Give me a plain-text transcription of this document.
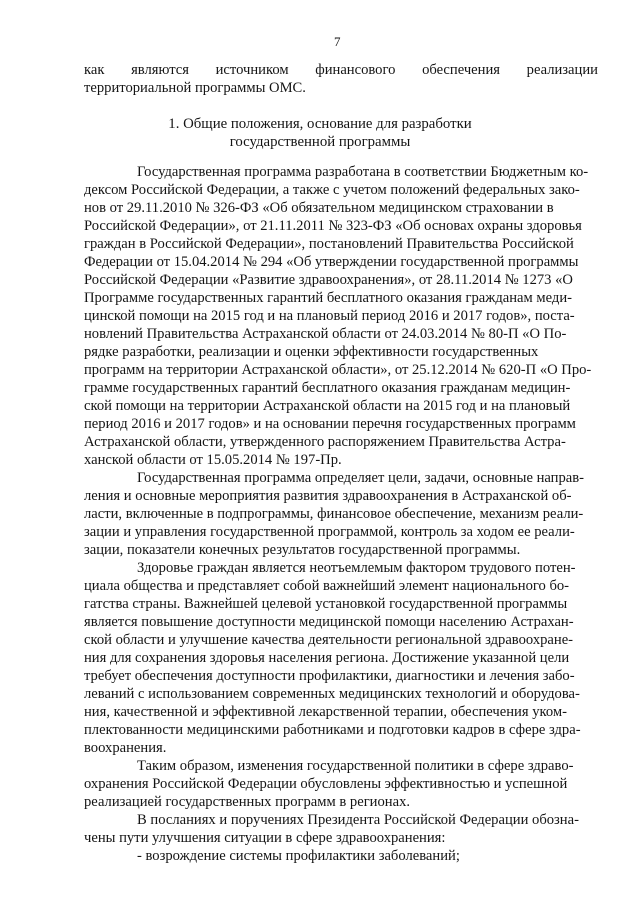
7
как являются источником финансового обеспечения реализации
территориальной программы ОМС.
1. Общие положения, основание для разработки
государственной программы
Государственная программа разработана в соответствии Бюджетным ко-
дексом Российской Федерации, а также с учетом положений федеральных зако-
нов от 29.11.2010 № 326-ФЗ «Об обязательном медицинском страховании в
Российской Федерации», от 21.11.2011 № 323-ФЗ «Об основах охраны здоровья
граждан в Российской Федерации», постановлений Правительства Российской
Федерации от 15.04.2014 № 294 «Об утверждении государственной программы
Российской Федерации «Развитие здравоохранения», от 28.11.2014 № 1273 «О
Программе государственных гарантий бесплатного оказания гражданам меди-
цинской помощи на 2015 год и на плановый период 2016 и 2017 годов», поста-
новлений Правительства Астраханской области от 24.03.2014 № 80-П «О По-
рядке разработки, реализации и оценки эффективности государственных
программ на территории Астраханской области», от 25.12.2014 № 620-П «О Про-
грамме государственных гарантий бесплатного оказания гражданам медицин-
ской помощи на территории Астраханской области на 2015 год и на плановый
период 2016 и 2017 годов» и на основании перечня государственных программ
Астраханской области, утвержденного распоряжением Правительства Астра-
ханской области от 15.05.2014 № 197-Пр.
Государственная программа определяет цели, задачи, основные направ-
ления и основные мероприятия развития здравоохранения в Астраханской об-
ласти, включенные в подпрограммы, финансовое обеспечение, механизм реали-
зации и управления государственной программой, контроль за ходом ее реали-
зации, показатели конечных результатов государственной программы.
Здоровье граждан является неотъемлемым фактором трудового потен-
циала общества и представляет собой важнейший элемент национального бо-
гатства страны. Важнейшей целевой установкой государственной программы
является повышение доступности медицинской помощи населению Астрахан-
ской области и улучшение качества деятельности региональной здравоохране-
ния для сохранения здоровья населения региона. Достижение указанной цели
требует обеспечения доступности профилактики, диагностики и лечения забо-
леваний с использованием современных медицинских технологий и оборудова-
ния, качественной и эффективной лекарственной терапии, обеспечения уком-
плектованности медицинскими работниками и подготовки кадров в сфере здра-
воохранения.
Таким образом, изменения государственной политики в сфере здраво-
охранения Российской Федерации обусловлены эффективностью и успешной
реализацией государственных программ в регионах.
В посланиях и поручениях Президента Российской Федерации обозна-
чены пути улучшения ситуации в сфере здравоохранения:
- возрождение системы профилактики заболеваний;
